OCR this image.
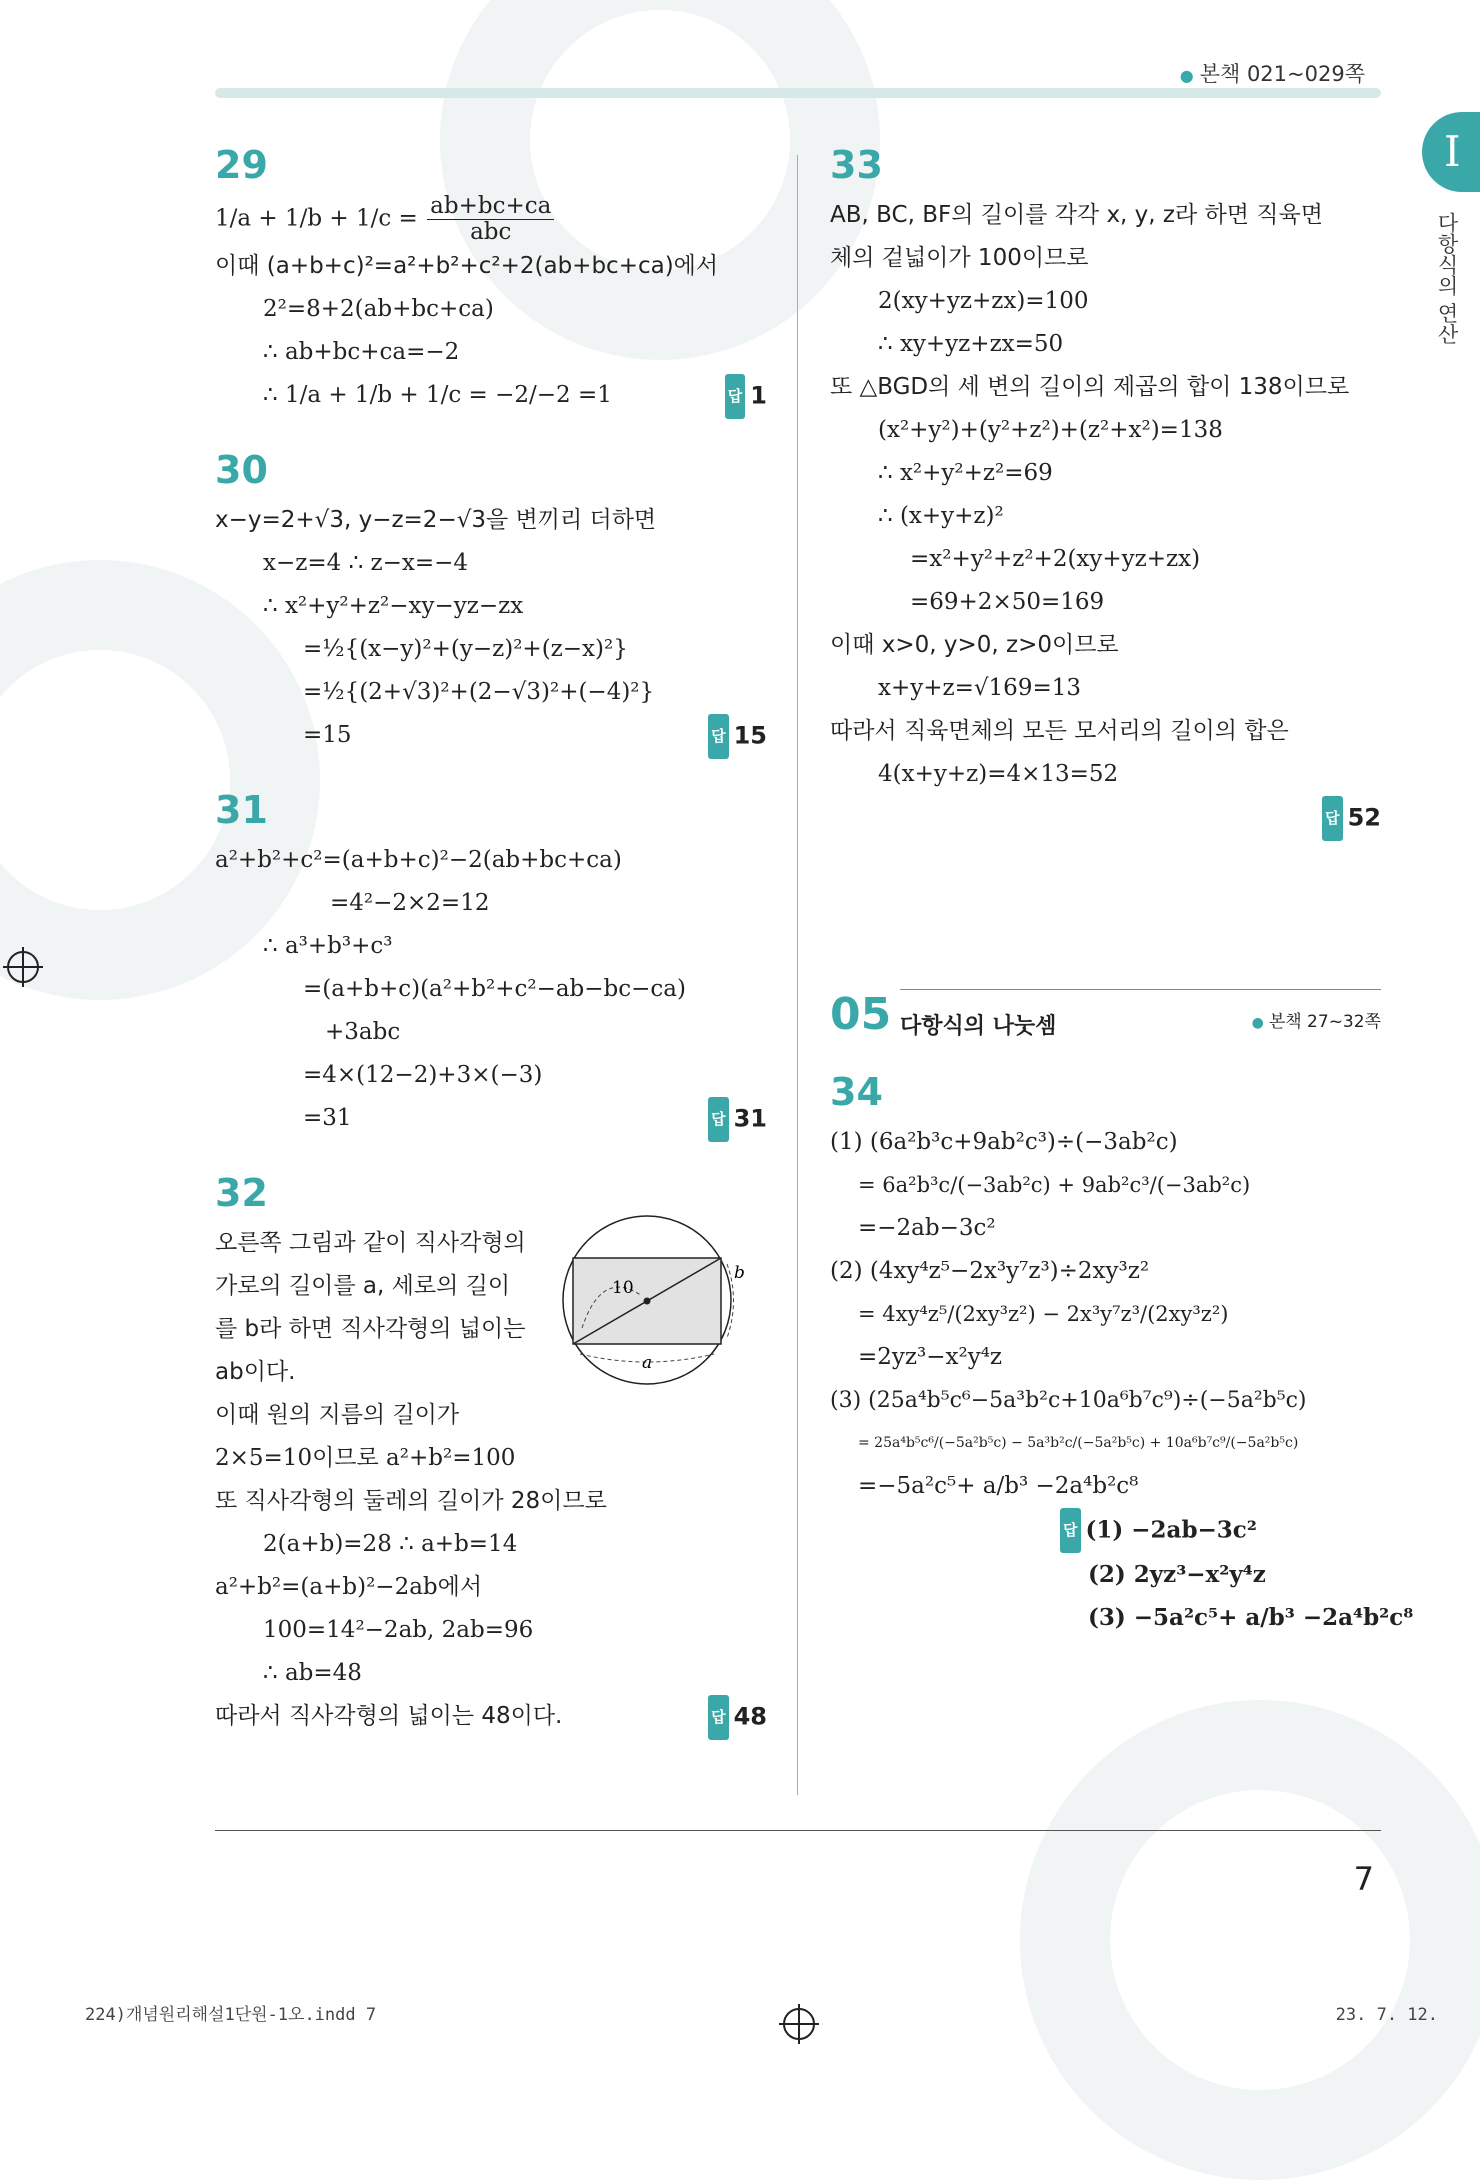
● 본책 021~029쪽
I
다항식의 연산
29
$1/a + 1/b + 1/c = \frac{ab+bc+ca}{\text{abc}}$
이때 (a+b+c)²=a²+b²+c²+2(ab+bc+ca)에서
2²=8+2(ab+bc+ca)
∴ ab+bc+ca=−2
∴ 1/a + 1/b + 1/c = −2/−2 =1	답 1
30
x−y=2+√3, y−z=2−√3을 변끼리 더하면
x−z=4 ∴ z−x=−4
∴ x²+y²+z²−xy−yz−zx
=½{(x−y)²+(y−z)²+(z−x)²}
=½{(2+√3)²+(2−√3)²+(−4)²}
=15	답 15
31
a²+b²+c²=(a+b+c)²−2(ab+bc+ca)
=4²−2×2=12
∴ a³+b³+c³
=(a+b+c)(a²+b²+c²−ab−bc−ca)
+3abc
=4×(12−2)+3×(−3)
=31	답 31
32
10
a
b
오른쪽 그림과 같이 직사각형의
가로의 길이를 a, 세로의 길이
를 b라 하면 직사각형의 넓이는
ab이다.
이때 원의 지름의 길이가
2×5=10이므로 a²+b²=100
또 직사각형의 둘레의 길이가 28이므로
2(a+b)=28 ∴ a+b=14
a²+b²=(a+b)²−2ab에서
100=14²−2ab, 2ab=96
∴ ab=48
따라서 직사각형의 넓이는 48이다.	답 48
33
AB, BC, BF의 길이를 각각 x, y, z라 하면 직육면
체의 겉넓이가 100이므로
2(xy+yz+zx)=100
∴ xy+yz+zx=50
또 △BGD의 세 변의 길이의 제곱의 합이 138이므로
(x²+y²)+(y²+z²)+(z²+x²)=138
∴ x²+y²+z²=69
∴ (x+y+z)²
=x²+y²+z²+2(xy+yz+zx)
=69+2×50=169
이때 x>0, y>0, z>0이므로
x+y+z=√169=13
따라서 직육면체의 모든 모서리의 길이의 합은
4(x+y+z)=4×13=52
답 52
05 다항식의 나눗셈	● 본책 27~32쪽
34
(1) (6a²b³c+9ab²c³)÷(−3ab²c)
= 6a²b³c/(−3ab²c) + 9ab²c³/(−3ab²c)
=−2ab−3c²
(2) (4xy⁴z⁵−2x³y⁷z³)÷2xy³z²
= 4xy⁴z⁵/(2xy³z²) − 2x³y⁷z³/(2xy³z²)
=2yz³−x²y⁴z
(3) (25a⁴b⁵c⁶−5a³b²c+10a⁶b⁷c⁹)÷(−5a²b⁵c)
= 25a⁴b⁵c⁶/(−5a²b⁵c) − 5a³b²c/(−5a²b⁵c) + 10a⁶b⁷c⁹/(−5a²b⁵c)
=−5a²c⁵+ a/b³ −2a⁴b²c⁸
답 (1) −2ab−3c²
(2) 2yz³−x²y⁴z
(3) −5a²c⁵+ a/b³ −2a⁴b²c⁸
7
224)개념원리해설1단원-1오.indd 7	23. 7. 12.
